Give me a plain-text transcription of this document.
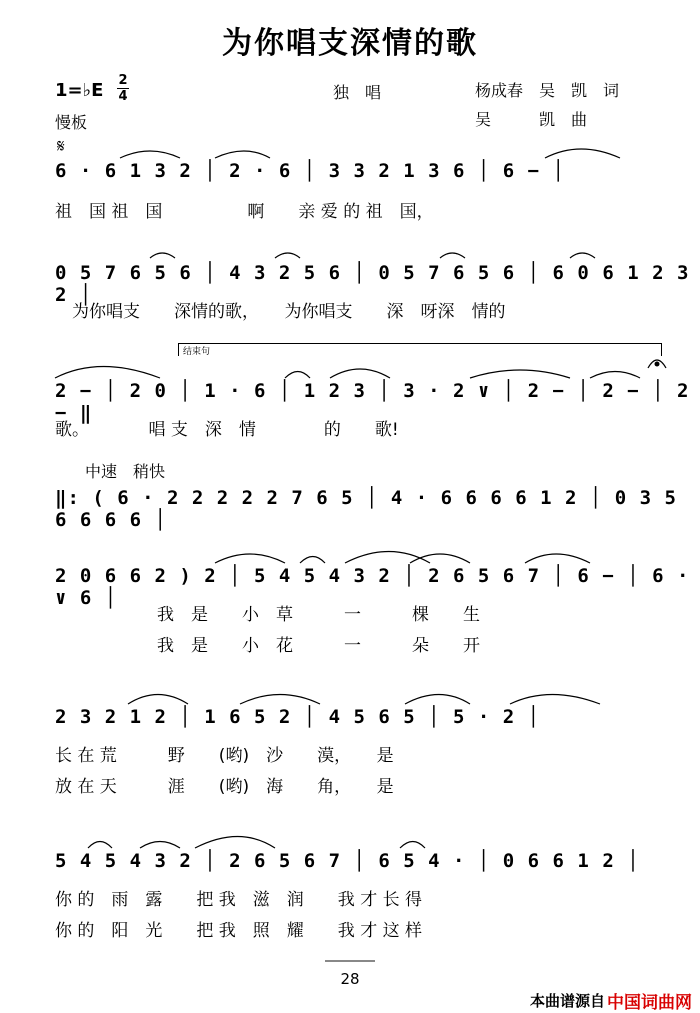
为你唱支深情的歌
1=♭E 2
4	独　唱	杨成春　吴　凯　词
吴　　　凯　曲
慢板
𝄋
6 · 6 1 3 2 │ 2 · 6 │ 3 3 2 1 3 6 │ 6 − │
祖　国 祖　国　　　　　啊　　亲 爱 的 祖　国，
0 5 7 6 5 6 │ 4 3 2 5 6 │ 0 5 7 6 5 6 │ 6 0 6 1 2 3 2 │
　为你唱支　　深情的歌，　　为你唱支　　深　呀深　情的
结束句
2 − │ 2 0 │ 1 · 6 │ 1 2 3 │ 3 · 2 ∨ │ 2 − │ 2 − │ 2 − ‖
歌。　　　　唱 支　深　情　　　　的　　歌!
中速　稍快
‖: ( 6 · 2 2 2 2 2 7 6 5 │ 4 · 6 6 6 6 1 2 │ 0 3 5 6 6 6 6 │
2 0 6 6 2 ) 2 │ 5 4 5 4 3 2 │ 2 6 5 6 7 │ 6 − │ 6 · ∨ 6 │
　　　　　　我　是　　小　草　　　一　　　棵　　生
　　　　　　我　是　　小　花　　　一　　　朵　　开
2 3 2 1 2 │ 1 6 5 2 │ 4 5 6 5 │ 5 · 2 │
长 在 荒　　　野　　(哟)　沙　　漠，　　是
放 在 天　　　涯　　(哟)　海　　角，　　是
5 4 5 4 3 2 │ 2 6 5 6 7 │ 6 5 4 · │ 0 6 6 1 2 │
你 的　雨　露　　把 我　滋　润　　我 才 长 得
你 的　阳　光　　把 我　照　耀　　我 才 这 样
28
本曲谱源自 中国词曲网
